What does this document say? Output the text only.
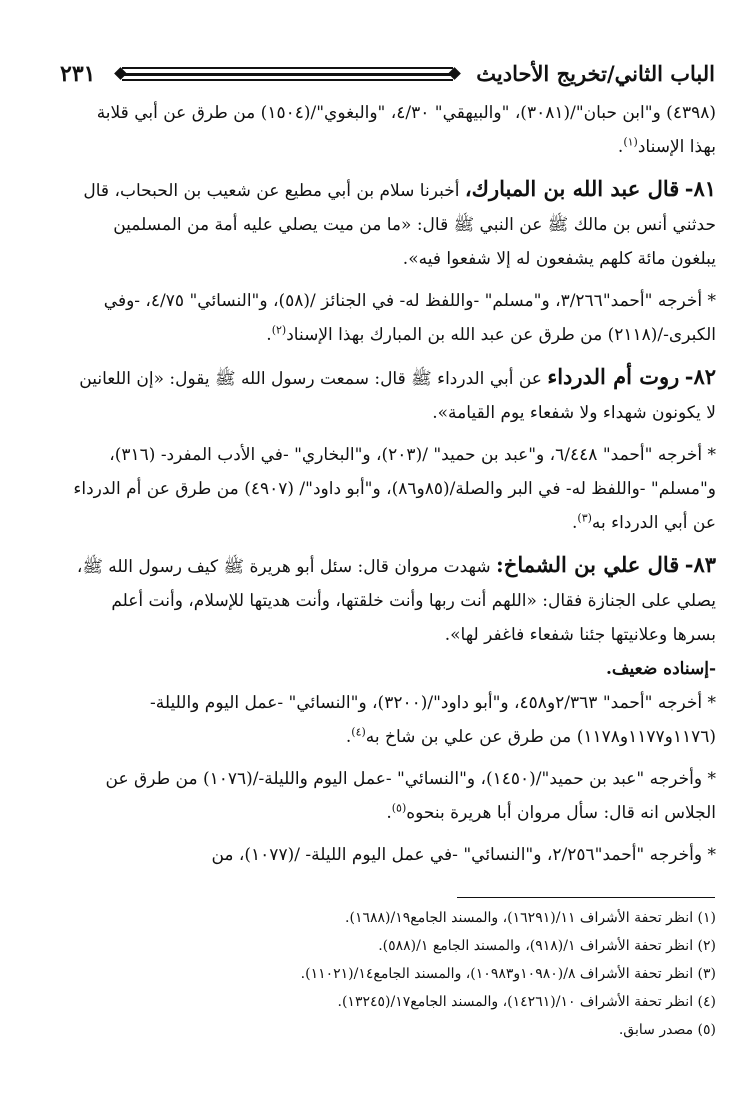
الباب الثاني/تخريج الأحاديث
٢٣١

(٤٣٩٨) و"ابن حبان"/(٣٠٨١)، "والبيهقي" ٤/٣٠، "والبغوي"/(١٥٠٤) من طرق عن أبي قلابة بهذا الإسناد$^{(١)}$.

٨١- قال عبد الله بن المبارك، أخبرنا سلام بن أبي مطيع عن شعيب بن الحبحاب، قال حدثني أنس بن مالك ﷺ عن النبي ﷺ قال: «ما من ميت يصلي عليه أمة من المسلمين يبلغون مائة كلهم يشفعون له إلا شفعوا فيه».

* أخرجه "أحمد"٣/٢٦٦، و"مسلم" -واللفظ له- في الجنائز /(٥٨)، و"النسائي" ٤/٧٥، -وفي الكبرى-/(٢١١٨) من طرق عن عبد الله بن المبارك بهذا الإسناد$^{(٢)}$.

٨٢- روت أم الدرداء عن أبي الدرداء ﷺ قال: سمعت رسول الله ﷺ يقول: «إن اللعانين لا يكونون شهداء ولا شفعاء يوم القيامة».

* أخرجه "أحمد" ٦/٤٤٨، و"عبد بن حميد" /(٢٠٣)، و"البخاري" -في الأدب المفرد- (٣١٦)، و"مسلم" -واللفظ له- في البر والصلة/(٨٥و٨٦)، و"أبو داود"/ (٤٩٠٧) من طرق عن أم الدرداء عن أبي الدرداء به$^{(٣)}$.

٨٣- قال علي بن الشماخ: شهدت مروان قال: سئل أبو هريرة ﷺ كيف رسول الله ﷺ، يصلي على الجنازة فقال: «اللهم أنت ربها وأنت خلقتها، وأنت هديتها للإسلام، وأنت أعلم بسرها وعلانيتها جئنا شفعاء فاغفر لها».

-إسناده ضعيف.

* أخرجه "أحمد" ٢/٣٦٣و٤٥٨، و"أبو داود"/(٣٢٠٠)، و"النسائي" -عمل اليوم والليلة-(١١٧٦و١١٧٧و١١٧٨) من طرق عن علي بن شاخ به$^{(٤)}$.

* وأخرجه "عبد بن حميد"/(١٤٥٠)، و"النسائي" -عمل اليوم والليلة-/(١٠٧٦) من طرق عن الجلاس انه قال: سأل مروان أبا هريرة بنحوه$^{(٥)}$.

* وأخرجه "أحمد"٢/٢٥٦، و"النسائي" -في عمل اليوم الليلة- /(١٠٧٧)، من

(١) انظر تحفة الأشراف ١١/(١٦٢٩١)، والمسند الجامع١٩/(١٦٨٨).

(٢) انظر تحفة الأشراف ١/(٩١٨)، والمسند الجامع ١/(٥٨٨).

(٣) انظر تحفة الأشراف ٨/(١٠٩٨٠و١٠٩٨٣)، والمسند الجامع١٤/(١١٠٢١).

(٤) انظر تحفة الأشراف ١٠/(١٤٢٦١)، والمسند الجامع١٧/(١٣٢٤٥).

(٥) مصدر سابق.
